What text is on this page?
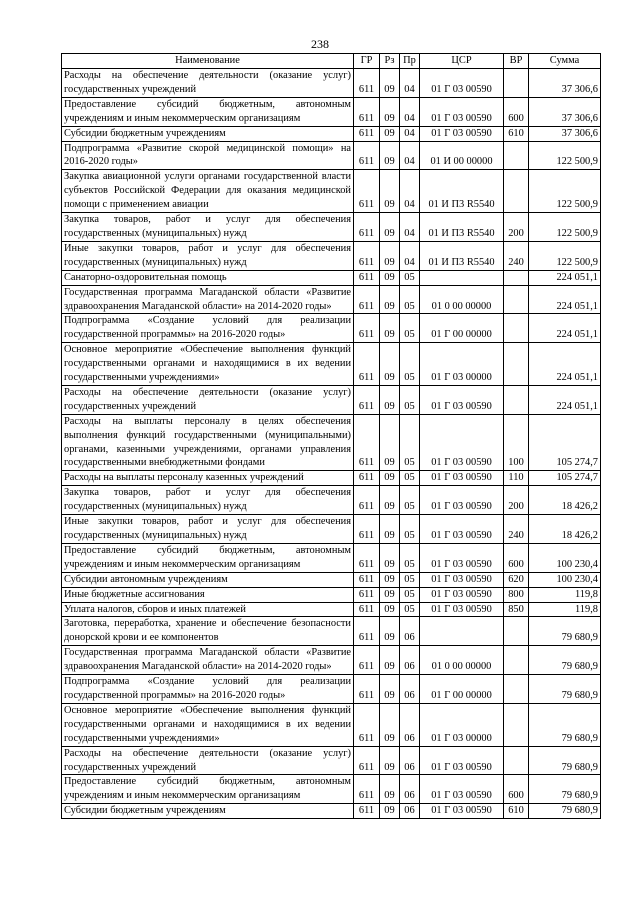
238
Наименование	ГР	Рз	Пр	ЦСР	ВР	Сумма
Расходы на обеспечение деятельности (оказание услуг) государственных учреждений	611	09	04	01 Г 03 00590		37 306,6
Предоставление субсидий бюджетным, автономным учреждениям и иным некоммерческим организациям	611	09	04	01 Г 03 00590	600	37 306,6
Субсидии бюджетным учреждениям	611	09	04	01 Г 03 00590	610	37 306,6
Подпрограмма «Развитие скорой медицинской помощи» на 2016-2020 годы»	611	09	04	01 И 00 00000		122 500,9
Закупка авиационной услуги органами государственной власти субъектов Российской Федерации для оказания медицинской помощи с применением авиации	611	09	04	01 И П3 R5540		122 500,9
Закупка товаров, работ и услуг для обеспечения государственных (муниципальных) нужд	611	09	04	01 И П3 R5540	200	122 500,9
Иные закупки товаров, работ и услуг для обеспечения государственных (муниципальных) нужд	611	09	04	01 И П3 R5540	240	122 500,9
Санаторно-оздоровительная помощь	611	09	05			224 051,1
Государственная программа Магаданской области «Развитие здравоохранения Магаданской области» на 2014-2020 годы»	611	09	05	01 0 00 00000		224 051,1
Подпрограмма «Создание условий для реализации государственной программы» на 2016-2020 годы»	611	09	05	01 Г 00 00000		224 051,1
Основное мероприятие «Обеспечение выполнения функций государственными органами и находящимися в их ведении государственными учреждениями»	611	09	05	01 Г 03 00000		224 051,1
Расходы на обеспечение деятельности (оказание услуг) государственных учреждений	611	09	05	01 Г 03 00590		224 051,1
Расходы на выплаты персоналу в целях обеспечения выполнения функций государственными (муниципальными) органами, казенными учреждениями, органами управления государственными внебюджетными фондами	611	09	05	01 Г 03 00590	100	105 274,7
Расходы на выплаты персоналу казенных учреждений	611	09	05	01 Г 03 00590	110	105 274,7
Закупка товаров, работ и услуг для обеспечения государственных (муниципальных) нужд	611	09	05	01 Г 03 00590	200	18 426,2
Иные закупки товаров, работ и услуг для обеспечения государственных (муниципальных) нужд	611	09	05	01 Г 03 00590	240	18 426,2
Предоставление субсидий бюджетным, автономным учреждениям и иным некоммерческим организациям	611	09	05	01 Г 03 00590	600	100 230,4
Субсидии автономным учреждениям	611	09	05	01 Г 03 00590	620	100 230,4
Иные бюджетные ассигнования	611	09	05	01 Г 03 00590	800	119,8
Уплата налогов, сборов и иных платежей	611	09	05	01 Г 03 00590	850	119,8
Заготовка, переработка, хранение и обеспечение безопасности донорской крови и ее компонентов	611	09	06			79 680,9
Государственная программа Магаданской области «Развитие здравоохранения Магаданской области» на 2014-2020 годы»	611	09	06	01 0 00 00000		79 680,9
Подпрограмма «Создание условий для реализации государственной программы» на 2016-2020 годы»	611	09	06	01 Г 00 00000		79 680,9
Основное мероприятие «Обеспечение выполнения функций государственными органами и находящимися в их ведении государственными учреждениями»	611	09	06	01 Г 03 00000		79 680,9
Расходы на обеспечение деятельности (оказание услуг) государственных учреждений	611	09	06	01 Г 03 00590		79 680,9
Предоставление субсидий бюджетным, автономным учреждениям и иным некоммерческим организациям	611	09	06	01 Г 03 00590	600	79 680,9
Субсидии бюджетным учреждениям	611	09	06	01 Г 03 00590	610	79 680,9
